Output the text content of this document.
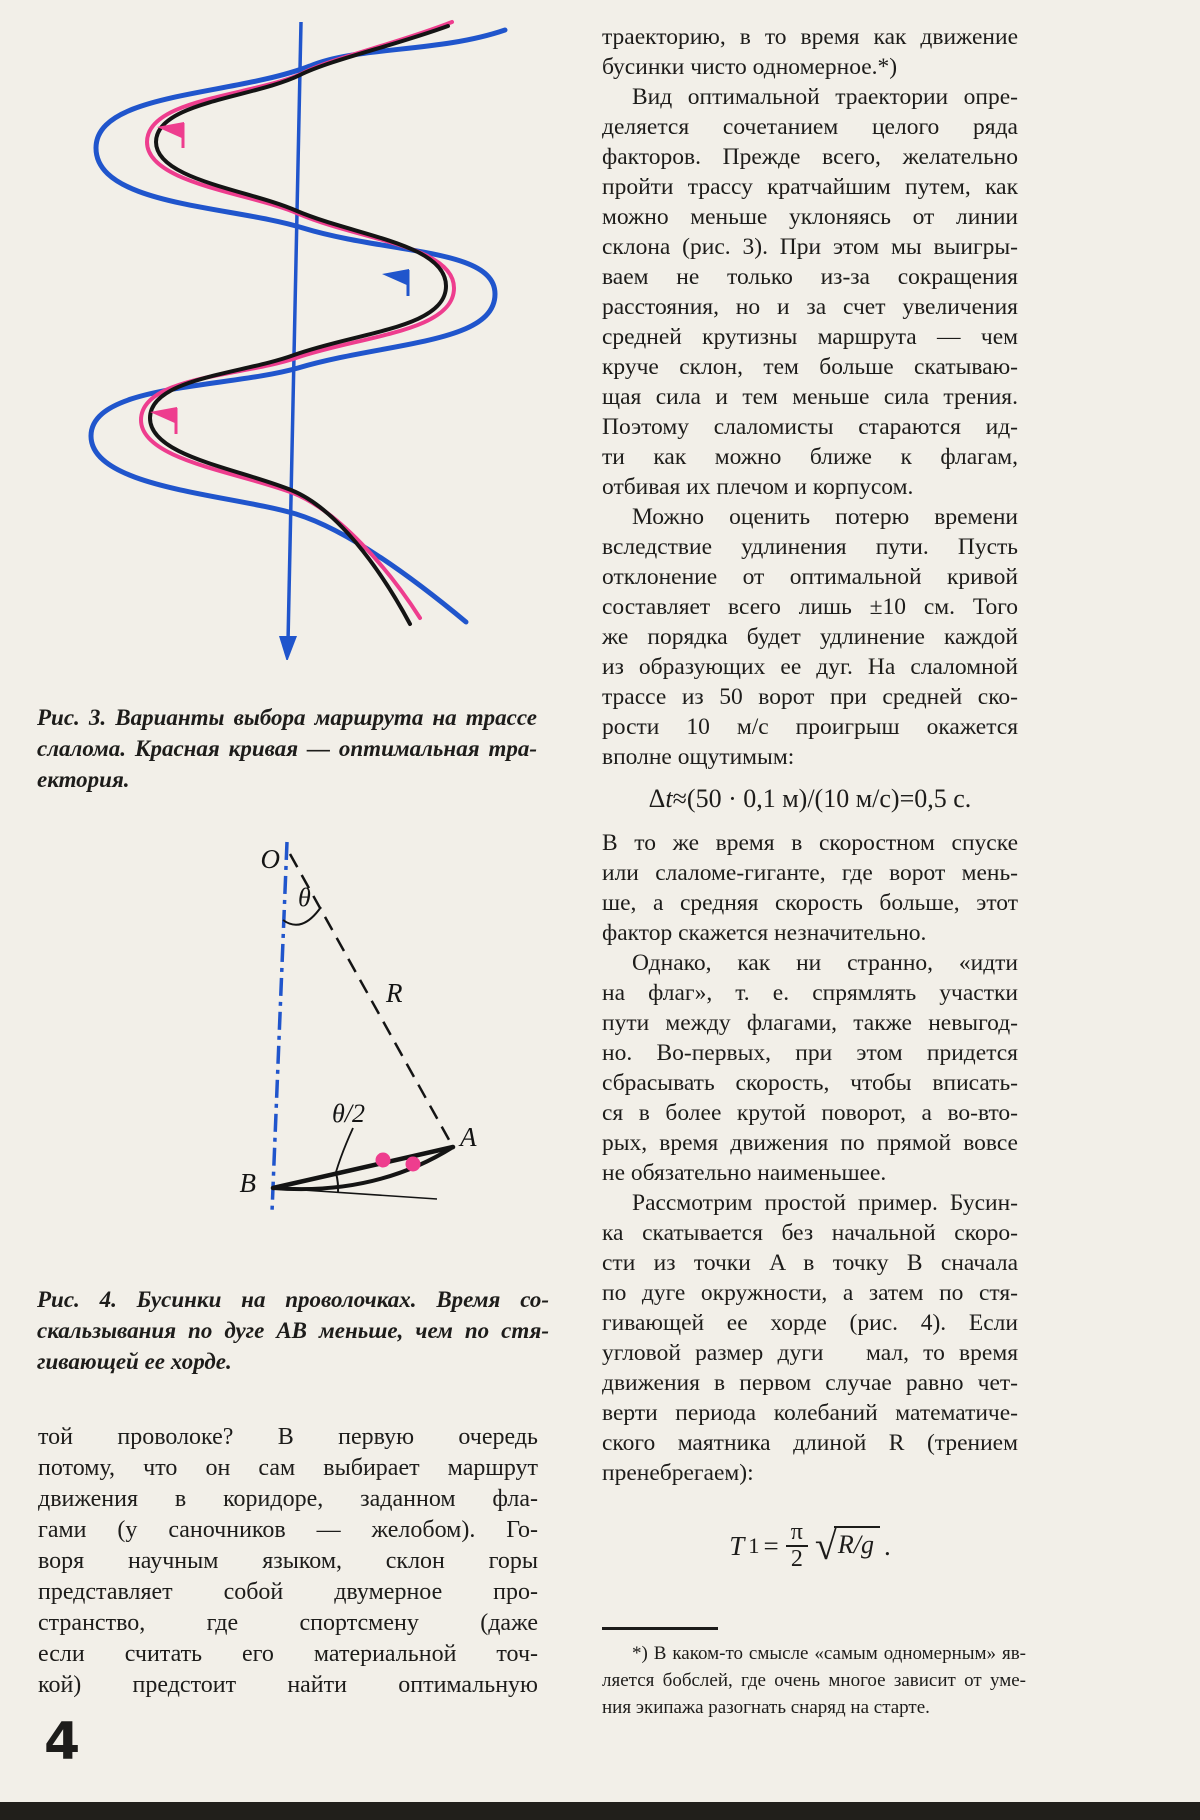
Рис. 3. Варианты выбора маршрута на трассе
слалома. Красная кривая — оптимальная тра-
ектория.
O
θ
R
θ/2
A
B
Рис. 4. Бусинки на проволочках. Время со-
скальзывания по дуге AB меньше, чем по стя-
гивающей ее хорде.
той проволоке? В первую очередь
потому, что он сам выбирает маршрут
движения в коридоре, заданном фла-
гами (у саночников — желобом). Го-
воря научным языком, склон горы
представляет собой двумерное про-
странство, где спортсмену (даже
если считать его материальной точ-
кой) предстоит найти оптимальную
4
траекторию, в то время как движение
бусинки чисто одномерное.*)
Вид оптимальной траектории опре-
деляется сочетанием целого ряда
факторов. Прежде всего, желательно
пройти трассу кратчайшим путем, как
можно меньше уклоняясь от линии
склона (рис. 3). При этом мы выигры-
ваем не только из-за сокращения
расстояния, но и за счет увеличения
средней крутизны маршрута — чем
круче склон, тем больше скатываю-
щая сила и тем меньше сила трения.
Поэтому слаломисты стараются ид-
ти как можно ближе к флагам,
отбивая их плечом и корпусом.
Можно оценить потерю времени
вследствие удлинения пути. Пусть
отклонение от оптимальной кривой
составляет всего лишь ±10 см. Того
же порядка будет удлинение каждой
из образующих ее дуг. На слаломной
трассе из 50 ворот при средней ско-
рости 10 м/с проигрыш окажется
вполне ощутимым:
Δt≈(50 · 0,1 м)/(10 м/с)=0,5 с.
В то же время в скоростном спуске
или слаломе-гиганте, где ворот мень-
ше, а средняя скорость больше, этот
фактор скажется незначительно.
Однако, как ни странно, «идти
на флаг», т. е. спрямлять участки
пути между флагами, также невыгод-
но. Во-первых, при этом придется
сбрасывать скорость, чтобы вписать-
ся в более крутой поворот, а во-вто-
рых, время движения по прямой вовсе
не обязательно наименьшее.
Рассмотрим простой пример. Бусин-
ка скатывается без начальной скоро-
сти из точки A в точку B сначала
по дуге окружности, а затем по стя-
гивающей ее хорде (рис. 4). Если
угловой размер дуги   мал, то время
движения в первом случае равно чет-
верти периода колебаний математиче-
ского маятника длиной R (трением
пренебрегаем):
T $1 = \frac{\pi}{2}$ √ R/g .
*) В каком-то смысле «самым одномерным» яв-
ляется бобслей, где очень многое зависит от уме-
ния экипажа разогнать снаряд на старте.
